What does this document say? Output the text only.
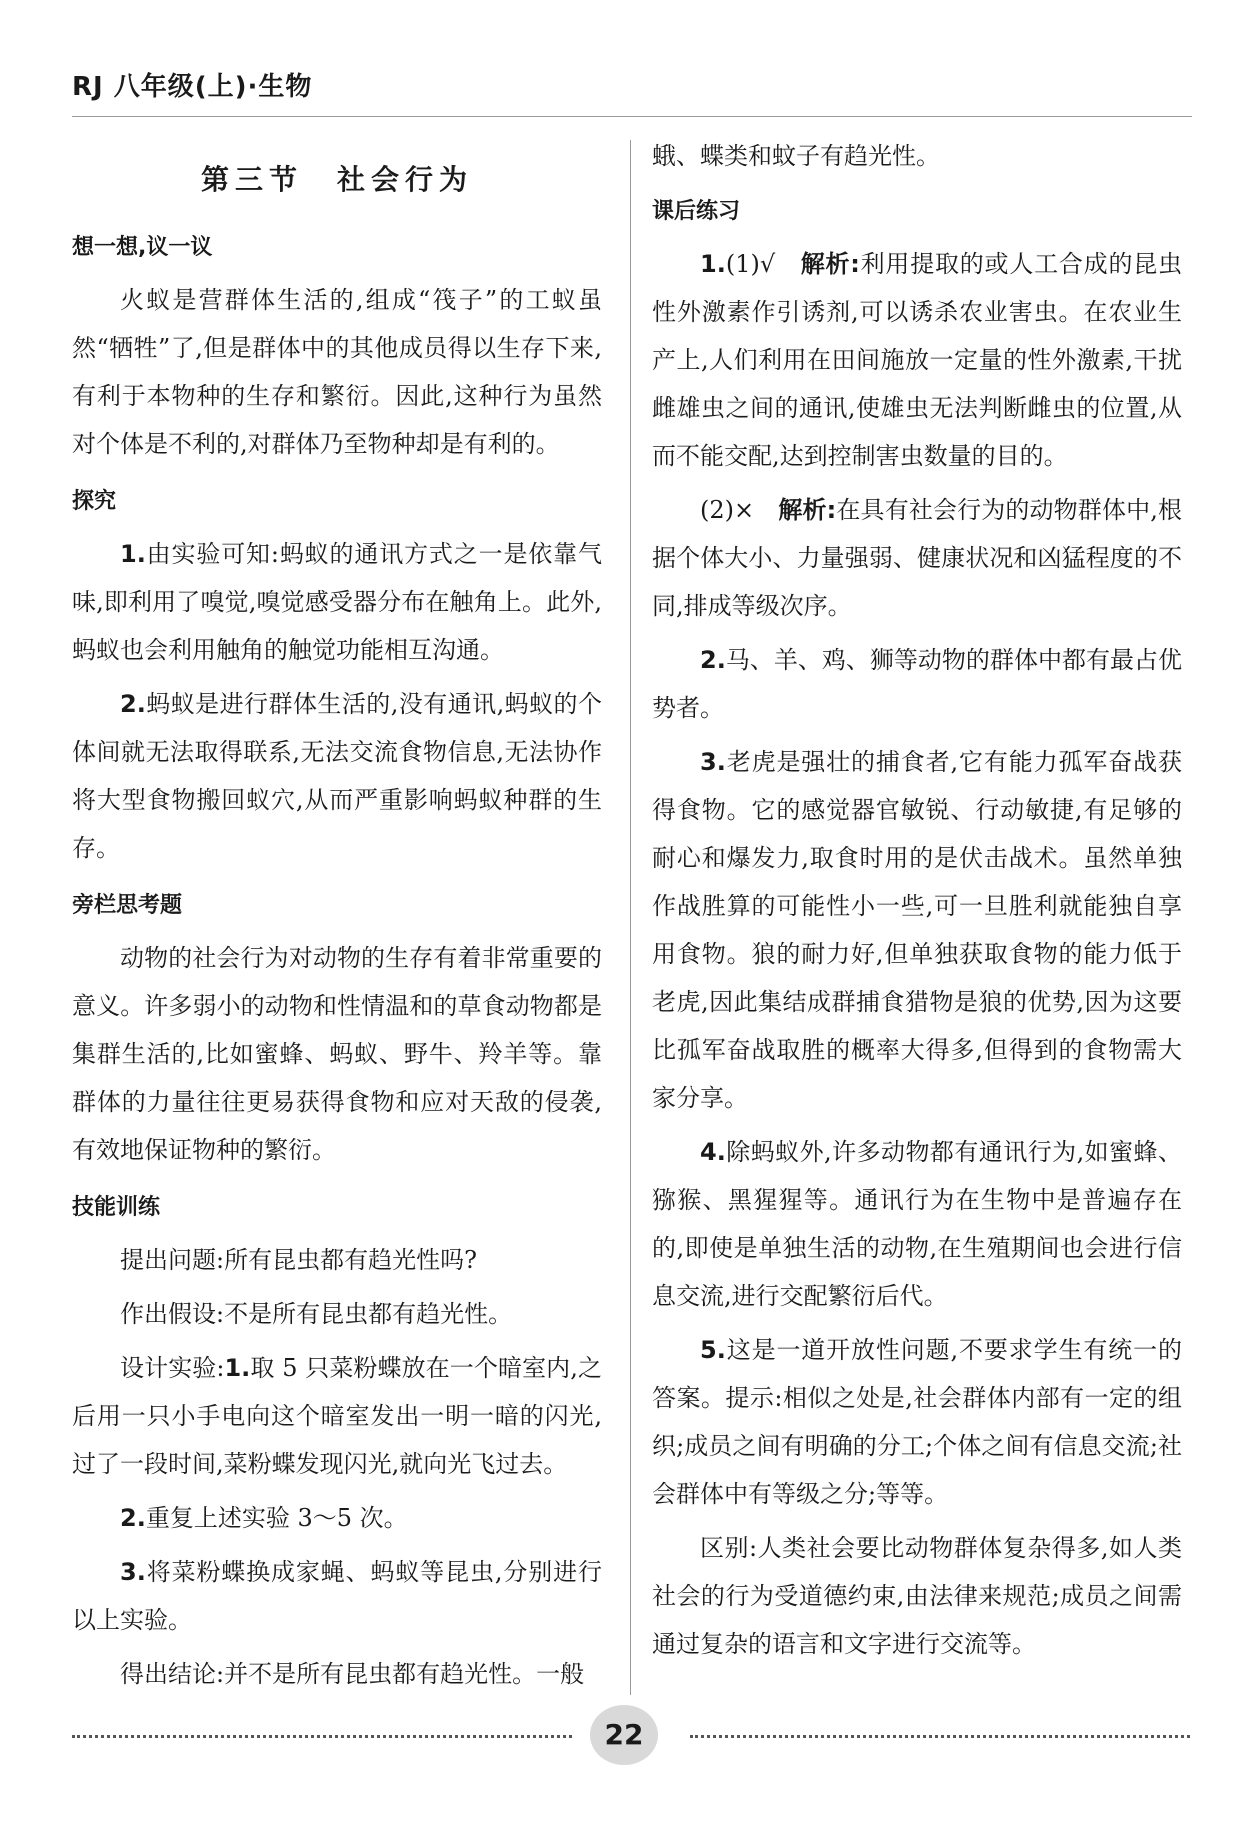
RJ 八年级(上)·生物
第三节　社会行为
想一想,议一议

火蚁是营群体生活的,组成“筏子”的工蚁虽然“牺牲”了,但是群体中的其他成员得以生存下来,有利于本物种的生存和繁衍。因此,这种行为虽然对个体是不利的,对群体乃至物种却是有利的。

探究

1.由实验可知:蚂蚁的通讯方式之一是依靠气味,即利用了嗅觉,嗅觉感受器分布在触角上。此外,蚂蚁也会利用触角的触觉功能相互沟通。

2.蚂蚁是进行群体生活的,没有通讯,蚂蚁的个体间就无法取得联系,无法交流食物信息,无法协作将大型食物搬回蚁穴,从而严重影响蚂蚁种群的生存。

旁栏思考题

动物的社会行为对动物的生存有着非常重要的意义。许多弱小的动物和性情温和的草食动物都是集群生活的,比如蜜蜂、蚂蚁、野牛、羚羊等。靠群体的力量往往更易获得食物和应对天敌的侵袭,有效地保证物种的繁衍。

技能训练

提出问题:所有昆虫都有趋光性吗?

作出假设:不是所有昆虫都有趋光性。

设计实验:1.取 5 只菜粉蝶放在一个暗室内,之后用一只小手电向这个暗室发出一明一暗的闪光,过了一段时间,菜粉蝶发现闪光,就向光飞过去。

2.重复上述实验 3～5 次。

3.将菜粉蝶换成家蝇、蚂蚁等昆虫,分别进行以上实验。

得出结论:并不是所有昆虫都有趋光性。一般

蛾、蝶类和蚊子有趋光性。

课后练习

1.(1)√　 解析:利用提取的或人工合成的昆虫性外激素作引诱剂,可以诱杀农业害虫。在农业生产上,人们利用在田间施放一定量的性外激素,干扰雌雄虫之间的通讯,使雄虫无法判断雌虫的位置,从而不能交配,达到控制害虫数量的目的。

(2)×　 解析:在具有社会行为的动物群体中,根据个体大小、力量强弱、健康状况和凶猛程度的不同,排成等级次序。

2.马、羊、鸡、狮等动物的群体中都有最占优势者。

3.老虎是强壮的捕食者,它有能力孤军奋战获得食物。它的感觉器官敏锐、行动敏捷,有足够的耐心和爆发力,取食时用的是伏击战术。虽然单独作战胜算的可能性小一些,可一旦胜利就能独自享用食物。狼的耐力好,但单独获取食物的能力低于老虎,因此集结成群捕食猎物是狼的优势,因为这要比孤军奋战取胜的概率大得多,但得到的食物需大家分享。

4.除蚂蚁外,许多动物都有通讯行为,如蜜蜂、猕猴、黑猩猩等。通讯行为在生物中是普遍存在的,即使是单独生活的动物,在生殖期间也会进行信息交流,进行交配繁衍后代。

5.这是一道开放性问题,不要求学生有统一的答案。提示:相似之处是,社会群体内部有一定的组织;成员之间有明确的分工;个体之间有信息交流;社会群体中有等级之分;等等。

区别:人类社会要比动物群体复杂得多,如人类社会的行为受道德约束,由法律来规范;成员之间需通过复杂的语言和文字进行交流等。

22
